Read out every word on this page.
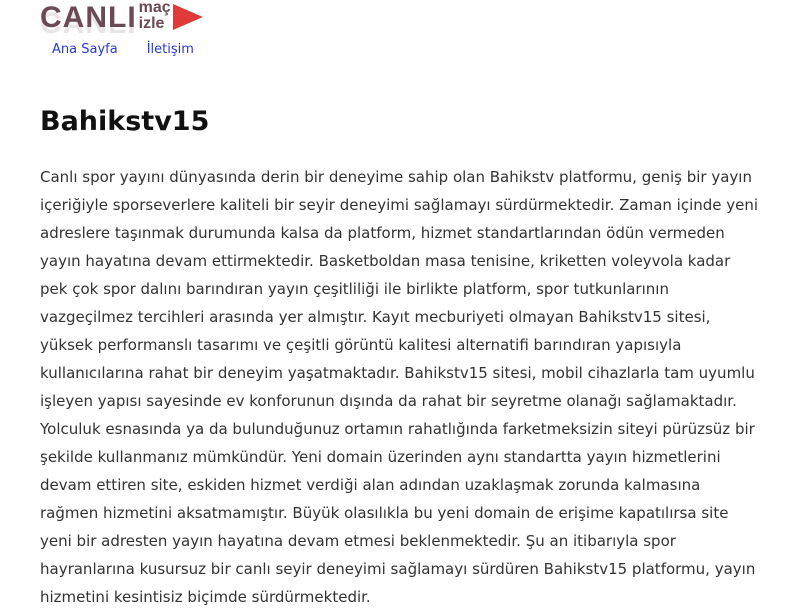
CANLI maç
izle
Ana Sayfa İletişim
Bahikstv15

Canlı spor yayını dünyasında derin bir deneyime sahip olan Bahikstv platformu, geniş bir yayın içeriğiyle sporseverlere kaliteli bir seyir deneyimi sağlamayı sürdürmektedir. Zaman içinde yeni adreslere taşınmak durumunda kalsa da platform, hizmet standartlarından ödün vermeden yayın hayatına devam ettirmektedir. Basketboldan masa tenisine, kriketten voleyvola kadar pek çok spor dalını barındıran yayın çeşitliliği ile birlikte platform, spor tutkunlarının vazgeçilmez tercihleri arasında yer almıştır. Kayıt mecburiyeti olmayan Bahikstv15 sitesi, yüksek performanslı tasarımı ve çeşitli görüntü kalitesi alternatifi barındıran yapısıyla kullanıcılarına rahat bir deneyim yaşatmaktadır. Bahikstv15 sitesi, mobil cihazlarla tam uyumlu işleyen yapısı sayesinde ev konforunun dışında da rahat bir seyretme olanağı sağlamaktadır. Yolculuk esnasında ya da bulunduğunuz ortamın rahatlığında farketmeksizin siteyi pürüzsüz bir şekilde kullanmanız mümkündür. Yeni domain üzerinden aynı standartta yayın hizmetlerini devam ettiren site, eskiden hizmet verdiği alan adından uzaklaşmak zorunda kalmasına rağmen hizmetini aksatmamıştır. Büyük olasılıkla bu yeni domain de erişime kapatılırsa site yeni bir adresten yayın hayatına devam etmesi beklenmektedir. Şu an itibarıyla spor hayranlarına kusursuz bir canlı seyir deneyimi sağlamayı sürdüren Bahikstv15 platformu, yayın hizmetini kesintisiz biçimde sürdürmektedir.
